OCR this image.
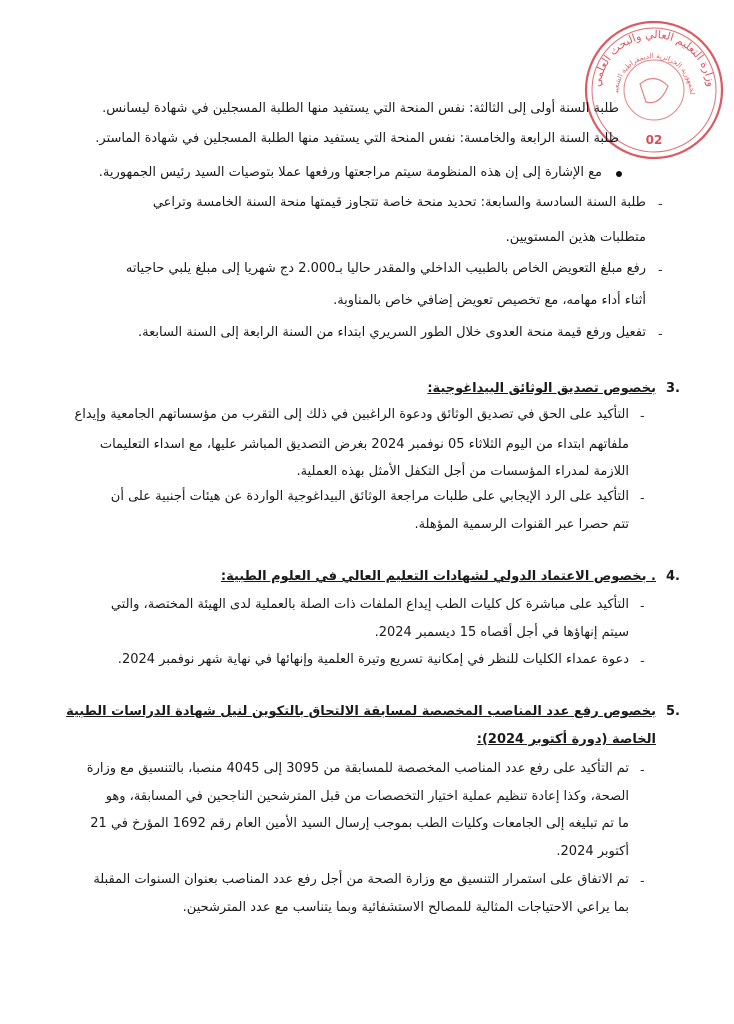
وزارة التعليم العالي والبحث العلمي
لجمهورية الجزائرية الديمقراطية الشعبي
02
طلبة السنة أولى إلى الثالثة: نفس المنحة التي يستفيد منها الطلبة المسجلين في شهادة ليسانس.
طلبة السنة الرابعة والخامسة: نفس المنحة التي يستفيد منها الطلبة المسجلين في شهادة الماستر.
مع الإشارة إلى إن هذه المنظومة سيتم مراجعتها ورفعها عملا بتوصيات السيد رئيس الجمهورية.
-
طلبة السنة السادسة والسابعة: تحديد منحة خاصة تتجاوز قيمتها منحة السنة الخامسة وتراعي
متطلبات هذين المستويين.
-
رفع مبلغ التعويض الخاص بالطبيب الداخلي والمقدر حاليا بـ2.000 دج شهريا إلى مبلغ يلبي حاجياته
أثناء أداء مهامه، مع تخصيص تعويض إضافي خاص بالمناوبة.
-
تفعيل ورفع قيمة منحة العدوى خلال الطور السريري ابتداء من السنة الرابعة إلى السنة السابعة.
3.
بخصوص تصديق الوثائق البيداغوجية:
-
التأكيد على الحق في تصديق الوثائق ودعوة الراغبين في ذلك إلى التقرب من مؤسساتهم الجامعية وإيداع
ملفاتهم ابتداء من اليوم الثلاثاء 05 نوفمبر 2024 بغرض التصديق المباشر عليها، مع اسداء التعليمات
اللازمة لمدراء المؤسسات من أجل التكفل الأمثل بهذه العملية.
-
التأكيد على الرد الإيجابي على طلبات مراجعة الوثائق البيداغوجية الواردة عن هيئات أجنبية على أن
تتم حصرا عبر القنوات الرسمية المؤهلة.
4.
. بخصوص الاعتماد الدولي لشهادات التعليم العالي في العلوم الطبية:
-
التأكيد على مباشرة كل كليات الطب إيداع الملفات ذات الصلة بالعملية لدى الهيئة المختصة، والتي
سيتم إنهاؤها في أجل أقصاه 15 ديسمبر 2024.
-
دعوة عمداء الكليات للنظر في إمكانية تسريع وتيرة العلمية وإنهائها في نهاية شهر نوفمبر 2024.
5.
بخصوص رفع عدد المناصب المخصصة لمسابقة الالتحاق بالتكوين لنيل شهادة الدراسات الطبية
الخاصة (دورة أكتوبر 2024):
-
تم التأكيد على رفع عدد المناصب المخصصة للمسابقة من 3095 إلى 4045 منصبا، بالتنسيق مع وزارة
الصحة، وكذا إعادة تنظيم عملية اختيار التخصصات من قبل المترشحين الناجحين في المسابقة، وهو
ما تم تبليغه إلى الجامعات وكليات الطب بموجب إرسال السيد الأمين العام رقم 1692 المؤرخ في 21
أكتوبر 2024.
-
تم الاتفاق على استمرار التنسيق مع وزارة الصحة من أجل رفع عدد المناصب بعنوان السنوات المقبلة
بما يراعي الاحتياجات المثالية للمصالح الاستشفائية وبما يتناسب مع عدد المترشحين.
